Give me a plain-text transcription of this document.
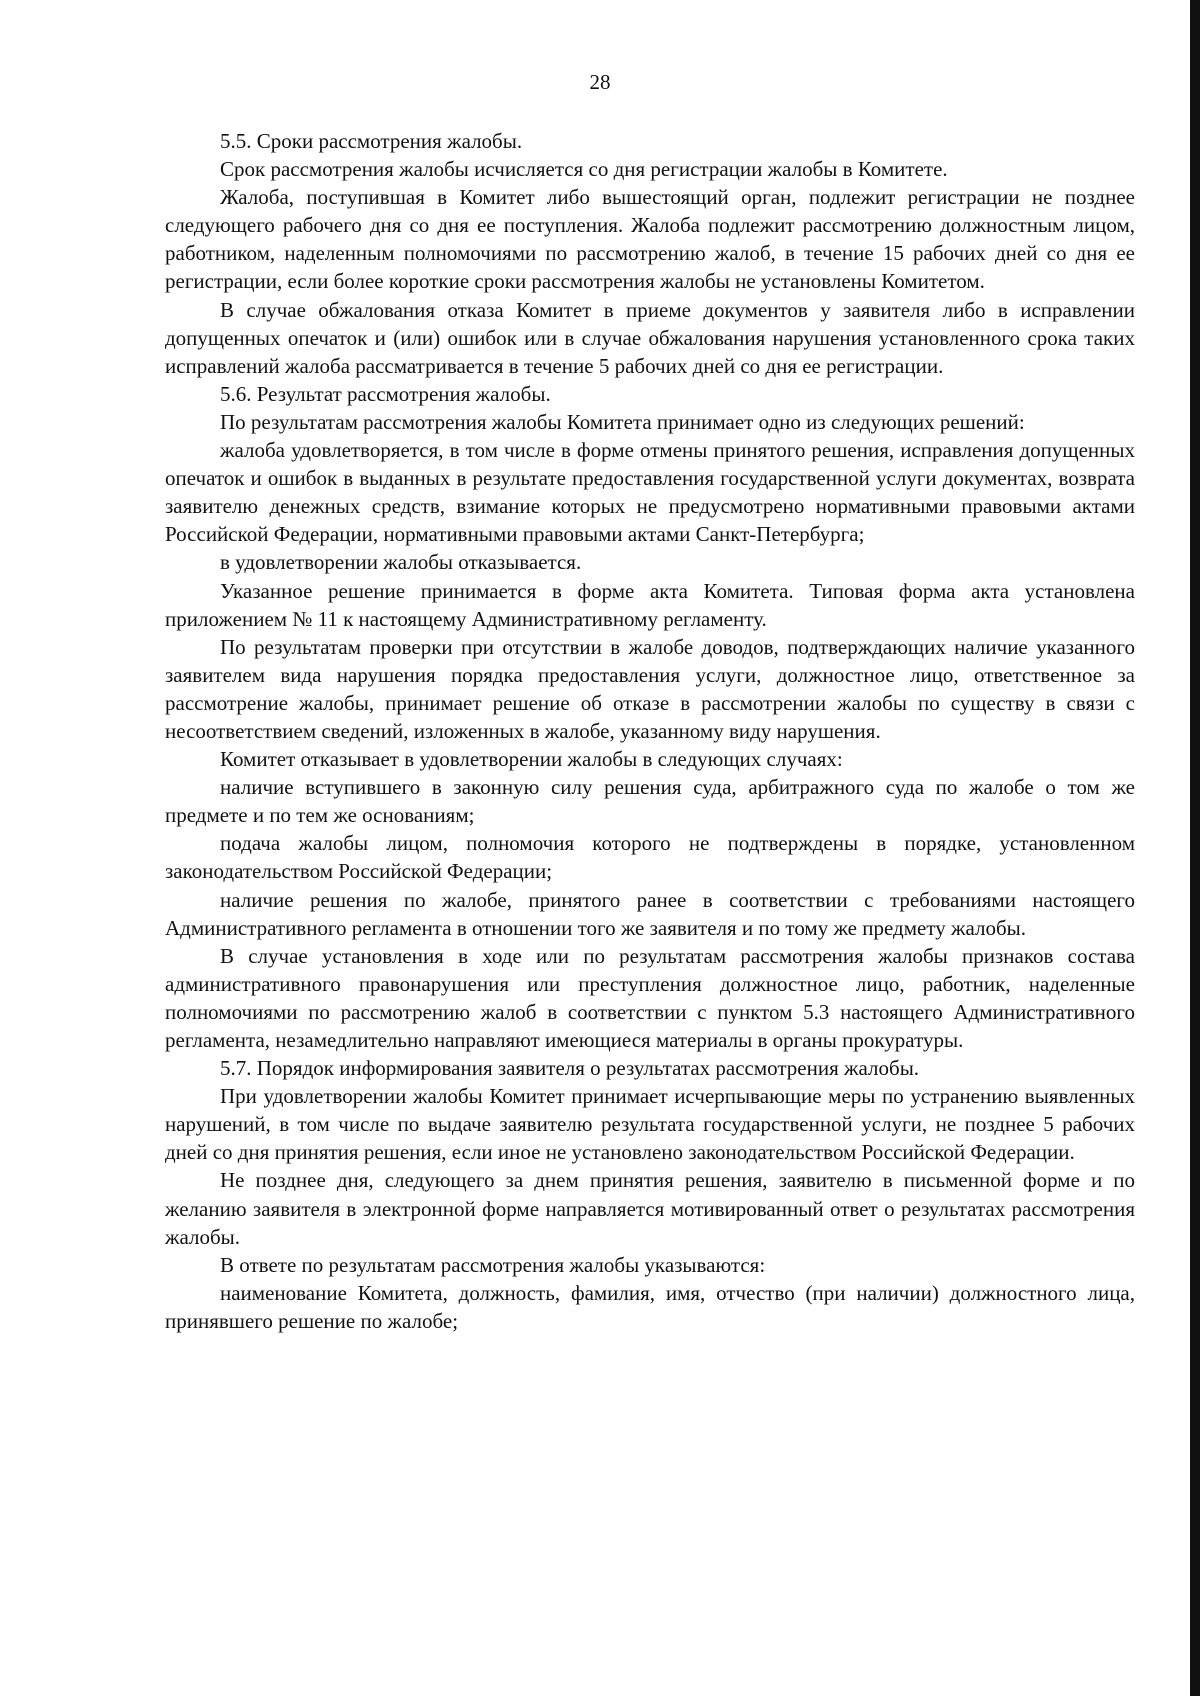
28

5.5. Сроки рассмотрения жалобы.

Срок рассмотрения жалобы исчисляется со дня регистрации жалобы в Комитете.

Жалоба, поступившая в Комитет либо вышестоящий орган, подлежит регистрации не позднее следующего рабочего дня со дня ее поступления. Жалоба подлежит рассмотрению должностным лицом, работником, наделенным полномочиями по рассмотрению жалоб, в течение 15 рабочих дней со дня ее регистрации, если более короткие сроки рассмотрения жалобы не установлены Комитетом.

В случае обжалования отказа Комитет в приеме документов у заявителя либо в исправлении допущенных опечаток и (или) ошибок или в случае обжалования нарушения установленного срока таких исправлений жалоба рассматривается в течение 5 рабочих дней со дня ее регистрации.

5.6. Результат рассмотрения жалобы.

По результатам рассмотрения жалобы Комитета принимает одно из следующих решений:

жалоба удовлетворяется, в том числе в форме отмены принятого решения, исправления допущенных опечаток и ошибок в выданных в результате предоставления государственной услуги документах, возврата заявителю денежных средств, взимание которых не предусмотрено нормативными правовыми актами Российской Федерации, нормативными правовыми актами Санкт-Петербурга;

в удовлетворении жалобы отказывается.

Указанное решение принимается в форме акта Комитета. Типовая форма акта установлена приложением № 11 к настоящему Административному регламенту.

По результатам проверки при отсутствии в жалобе доводов, подтверждающих наличие указанного заявителем вида нарушения порядка предоставления услуги, должностное лицо, ответственное за рассмотрение жалобы, принимает решение об отказе в рассмотрении жалобы по существу в связи с несоответствием сведений, изложенных в жалобе, указанному виду нарушения.

Комитет отказывает в удовлетворении жалобы в следующих случаях:

наличие вступившего в законную силу решения суда, арбитражного суда по жалобе о том же предмете и по тем же основаниям;

подача жалобы лицом, полномочия которого не подтверждены в порядке, установленном законодательством Российской Федерации;

наличие решения по жалобе, принятого ранее в соответствии с требованиями настоящего Административного регламента в отношении того же заявителя и по тому же предмету жалобы.

В случае установления в ходе или по результатам рассмотрения жалобы признаков состава административного правонарушения или преступления должностное лицо, работник, наделенные полномочиями по рассмотрению жалоб в соответствии с пунктом 5.3 настоящего Административного регламента, незамедлительно направляют имеющиеся материалы в органы прокуратуры.

5.7. Порядок информирования заявителя о результатах рассмотрения жалобы.

При удовлетворении жалобы Комитет принимает исчерпывающие меры по устранению выявленных нарушений, в том числе по выдаче заявителю результата государственной услуги, не позднее 5 рабочих дней со дня принятия решения, если иное не установлено законодательством Российской Федерации.

Не позднее дня, следующего за днем принятия решения, заявителю в письменной форме и по желанию заявителя в электронной форме направляется мотивированный ответ о результатах рассмотрения жалобы.

В ответе по результатам рассмотрения жалобы указываются:

наименование Комитета, должность, фамилия, имя, отчество (при наличии) должностного лица, принявшего решение по жалобе;
